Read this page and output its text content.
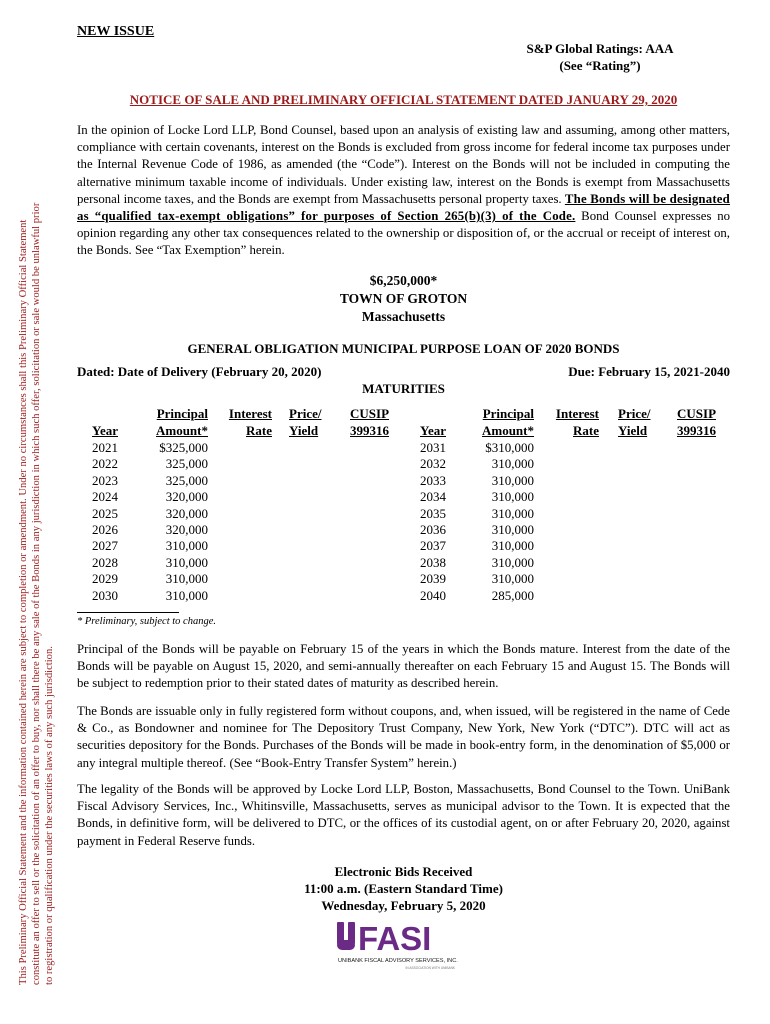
This Preliminary Official Statement and the information contained herein are subject to completion or amendment. Under no circumstances shall this Preliminary Official Statement constitute an offer to sell or the solicitation of an offer to buy, nor shall there be any sale of the Bonds in any jurisdiction in which such offer, solicitation or sale would be unlawful prior to registration or qualification under the securities laws of any such jurisdiction.
NEW ISSUE
S&P Global Ratings: AAA
(See “Rating”)
NOTICE OF SALE AND PRELIMINARY OFFICIAL STATEMENT DATED JANUARY 29, 2020
In the opinion of Locke Lord LLP, Bond Counsel, based upon an analysis of existing law and assuming, among other matters, compliance with certain covenants, interest on the Bonds is excluded from gross income for federal income tax purposes under the Internal Revenue Code of 1986, as amended (the “Code”). Interest on the Bonds will not be included in computing the alternative minimum taxable income of individuals. Under existing law, interest on the Bonds is exempt from Massachusetts personal income taxes, and the Bonds are exempt from Massachusetts personal property taxes. The Bonds will be designated as “qualified tax-exempt obligations” for purposes of Section 265(b)(3) of the Code. Bond Counsel expresses no opinion regarding any other tax consequences related to the ownership or disposition of, or the accrual or receipt of interest on, the Bonds. See “Tax Exemption” herein.
$6,250,000*
TOWN OF GROTON
Massachusetts
GENERAL OBLIGATION MUNICIPAL PURPOSE LOAN OF 2020 BONDS
Dated: Date of Delivery (February 20, 2020)	Due: February 15, 2021-2040
MATURITIES
Year
2021
2022
2023
2024
2025
2026
2027
2028
2029
2030
Principal
Amount*
$325,000
325,000
325,000
320,000
320,000
320,000
310,000
310,000
310,000
310,000
Interest
Rate
Price/
Yield
CUSIP
399316 Year
2031
2032
2033
2034
2035
2036
2037
2038
2039
2040
Principal
Amount*
$310,000
310,000
310,000
310,000
310,000
310,000
310,000
310,000
310,000
285,000
Interest
Rate
Price/
Yield
CUSIP
399316
* Preliminary, subject to change.
Principal of the Bonds will be payable on February 15 of the years in which the Bonds mature. Interest from the date of the Bonds will be payable on August 15, 2020, and semi-annually thereafter on each February 15 and August 15. The Bonds will be subject to redemption prior to their stated dates of maturity as described herein.
The Bonds are issuable only in fully registered form without coupons, and, when issued, will be registered in the name of Cede & Co., as Bondowner and nominee for The Depository Trust Company, New York, New York (“DTC”). DTC will act as securities depository for the Bonds. Purchases of the Bonds will be made in book-entry form, in the denomination of $5,000 or any integral multiple thereof. (See “Book-Entry Transfer System” herein.)
The legality of the Bonds will be approved by Locke Lord LLP, Boston, Massachusetts, Bond Counsel to the Town. UniBank Fiscal Advisory Services, Inc., Whitinsville, Massachusetts, serves as municipal advisor to the Town. It is expected that the Bonds, in definitive form, will be delivered to DTC, or the offices of its custodial agent, on or after February 20, 2020, against payment in Federal Reserve funds.
Electronic Bids Received
11:00 a.m. (Eastern Standard Time)
Wednesday, February 5, 2020
FASI
UNIBANK FISCAL ADVISORY SERVICES, INC.
IN ASSOCIATION WITH UNIBANK
